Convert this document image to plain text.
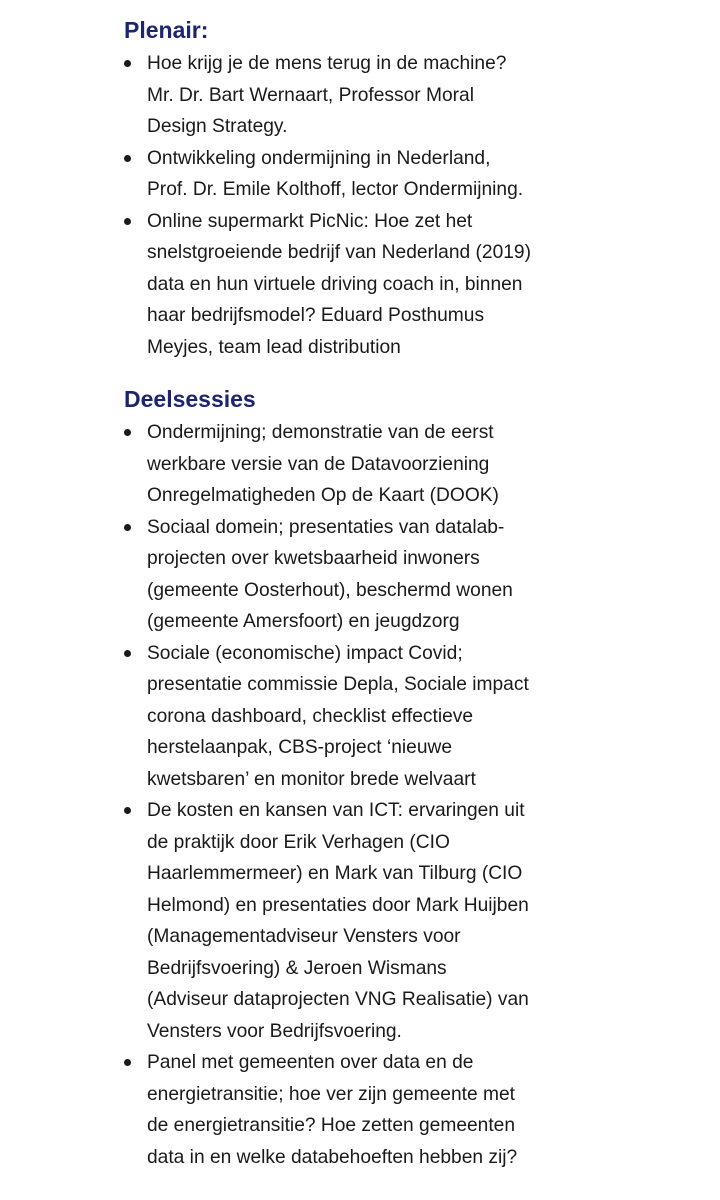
Plenair:
Hoe krijg je de mens terug in de machine?
Mr. Dr. Bart Wernaart, Professor Moral
Design Strategy.
Ontwikkeling ondermijning in Nederland,
Prof. Dr. Emile Kolthoff, lector Ondermijning.
Online supermarkt PicNic: Hoe zet het
snelstgroeiende bedrijf van Nederland (2019)
data en hun virtuele driving coach in, binnen
haar bedrijfsmodel? Eduard Posthumus
Meyjes, team lead distribution
Deelsessies
Ondermijning; demonstratie van de eerst
werkbare versie van de Datavoorziening
Onregelmatigheden Op de Kaart (DOOK)
Sociaal domein; presentaties van datalab-
projecten over kwetsbaarheid inwoners
(gemeente Oosterhout), beschermd wonen
(gemeente Amersfoort) en jeugdzorg
Sociale (economische) impact Covid;
presentatie commissie Depla, Sociale impact
corona dashboard, checklist effectieve
herstelaanpak, CBS-project ‘nieuwe
kwetsbaren’ en monitor brede welvaart
De kosten en kansen van ICT: ervaringen uit
de praktijk door Erik Verhagen (CIO
Haarlemmermeer) en Mark van Tilburg (CIO
Helmond) en presentaties door Mark Huijben
(Managementadviseur Vensters voor
Bedrijfsvoering) & Jeroen Wismans
(Adviseur dataprojecten VNG Realisatie) van
Vensters voor Bedrijfsvoering.
Panel met gemeenten over data en de
energietransitie; hoe ver zijn gemeente met
de energietransitie? Hoe zetten gemeenten
data in en welke databehoeften hebben zij?
